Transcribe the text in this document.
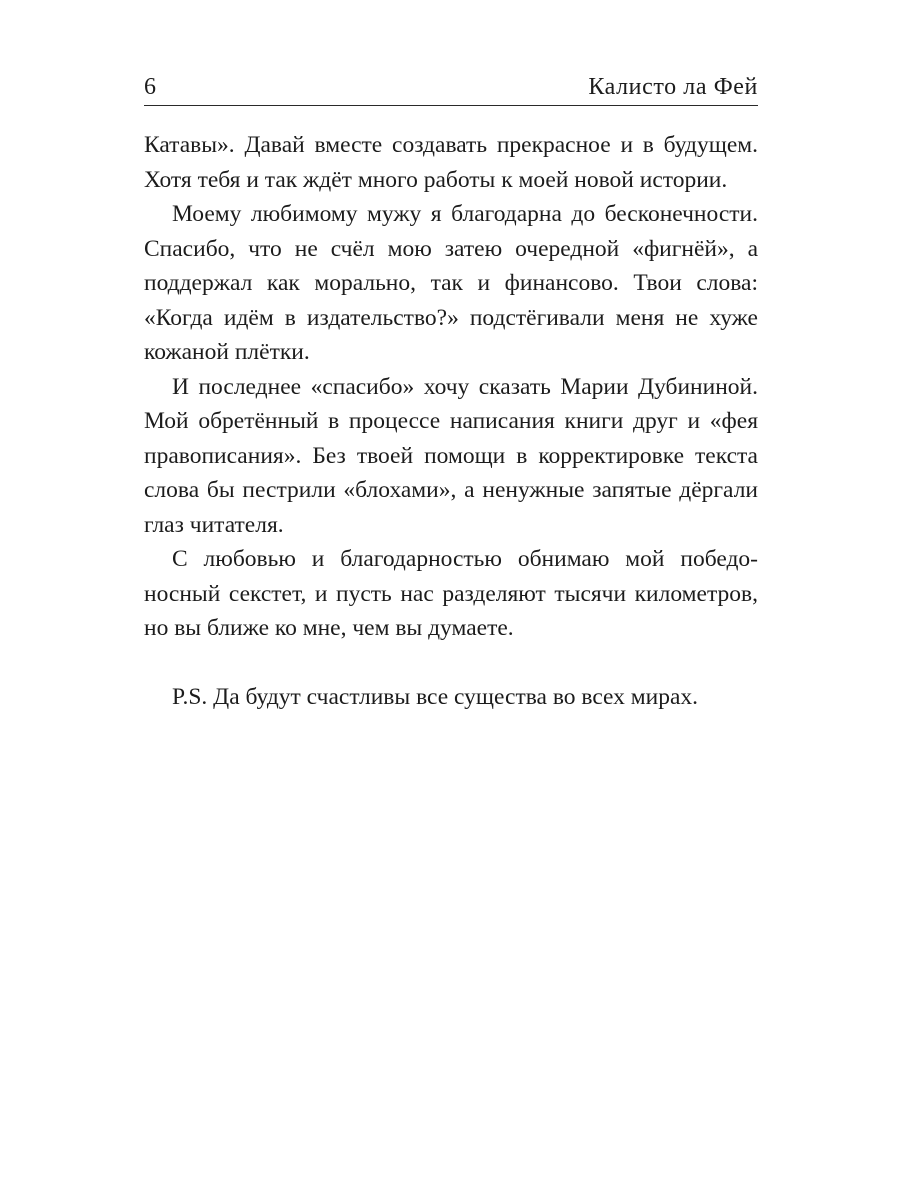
6	Калисто ла Фей

Катавы». Давай вместе создавать прекрасное и в будущем. Хотя тебя и так ждёт много работы к моей новой истории.

Моему любимому мужу я благодарна до бесконечности. Спасибо, что не счёл мою затею очередной «фигнёй», а поддержал как морально, так и финансово. Твои слова: «Когда идём в издательство?» подстёгивали меня не хуже кожаной плётки.

И последнее «спасибо» хочу сказать Марии Дубининой. Мой обретённый в процессе написания книги друг и «фея правописания». Без твоей помощи в корректировке текста слова бы пестрили «блохами», а ненужные запятые дёргали глаз читателя.

С любовью и благодарностью обнимаю мой победоносный секстет, и пусть нас разделяют тысячи километров, но вы ближе ко мне, чем вы думаете.

P.S. Да будут счастливы все существа во всех мирах.
